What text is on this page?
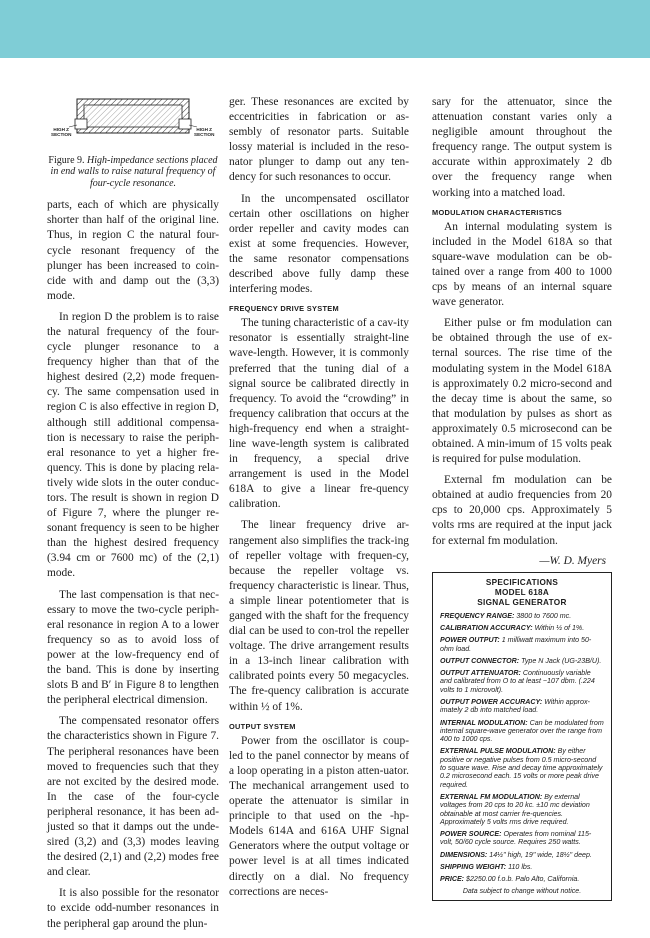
HIGH Z
SECTION
HIGH Z
SECTION
Figure 9. High-impedance sections placed in end walls to raise natural frequency of four-cycle resonance.

parts, each of which are physically shorter than half of the original line. Thus, in region C the natural four-cycle resonant frequency of the plunger has been increased to coin-cide with and damp out the (3,3) mode.

In region D the problem is to raise the natural frequency of the four-cycle plunger resonance to a frequency higher than that of the highest desired (2,2) mode frequen-cy. The same compensation used in region C is also effective in region D, although still additional compensa-tion is necessary to raise the periph-eral resonance to yet a higher fre-quency. This is done by placing rela-tively wide slots in the outer conduc-tors. The result is shown in region D of Figure 7, where the plunger re-sonant frequency is seen to be higher than the highest desired frequency (3.94 cm or 7600 mc) of the (2,1) mode.

The last compensation is that nec-essary to move the two-cycle periph-eral resonance in region A to a lower frequency so as to avoid loss of power at the low-frequency end of the band. This is done by inserting slots B and B′ in Figure 8 to lengthen the peripheral electrical dimension.

The compensated resonator offers the characteristics shown in Figure 7. The peripheral resonances have been moved to frequencies such that they are not excited by the desired mode. In the case of the four-cycle peripheral resonance, it has been ad-justed so that it damps out the unde-sired (3,2) and (3,3) modes leaving the desired (2,1) and (2,2) modes free and clear.

It is also possible for the resonator to excide odd-number resonances in the peripheral gap around the plun-

ger. These resonances are excited by eccentricities in fabrication or as-sembly of resonator parts. Suitable lossy material is included in the reso-nator plunger to damp out any ten-dency for such resonances to occur.

In the uncompensated oscillator certain other oscillations on higher order repeller and cavity modes can exist at some frequencies. However, the same resonator compensations described above fully damp these interfering modes.

FREQUENCY DRIVE SYSTEM

The tuning characteristic of a cav-ity resonator is essentially straight-line wave-length. However, it is commonly preferred that the tuning dial of a signal source be calibrated directly in frequency. To avoid the “crowding” in frequency calibration that occurs at the high-frequency end when a straight-line wave-length system is calibrated in frequency, a special drive arrangement is used in the Model 618A to give a linear fre-quency calibration.

The linear frequency drive ar-rangement also simplifies the track-ing of repeller voltage with frequen-cy, because the repeller voltage vs. frequency characteristic is linear. Thus, a simple linear potentiometer that is ganged with the shaft for the frequency dial can be used to con-trol the repeller voltage. The drive arrangement results in a 13-inch linear calibration with calibrated points every 50 megacycles. The fre-quency calibration is accurate within ½ of 1%.

OUTPUT SYSTEM

Power from the oscillator is coup-led to the panel connector by means of a loop operating in a piston atten-uator. The mechanical arrangement used to operate the attenuator is similar in principle to that used on the -hp- Models 614A and 616A UHF Signal Generators where the output voltage or power level is at all times indicated directly on a dial. No frequency corrections are neces-

sary for the attenuator, since the attenuation constant varies only a negligible amount throughout the frequency range. The output system is accurate within approximately 2 db over the frequency range when working into a matched load.

MODULATION CHARACTERISTICS

An internal modulating system is included in the Model 618A so that square-wave modulation can be ob-tained over a range from 400 to 1000 cps by means of an internal square wave generator.

Either pulse or fm modulation can be obtained through the use of ex-ternal sources. The rise time of the modulating system in the Model 618A is approximately 0.2 micro-second and the decay time is about the same, so that modulation by pulses as short as approximately 0.5 microsecond can be obtained. A min-imum of 15 volts peak is required for pulse modulation.

External fm modulation can be obtained at audio frequencies from 20 cps to 20,000 cps. Approximately 5 volts rms are required at the input jack for external fm modulation.

—W. D. Myers
SPECIFICATIONS
MODEL 618A
SIGNAL GENERATOR
FREQUENCY RANGE: 3800 to 7600 mc.
CALIBRATION ACCURACY: Within ½ of 1%.
POWER OUTPUT: 1 milliwatt maximum into 50-ohm load.
OUTPUT CONNECTOR: Type N Jack (UG-23B/U).
OUTPUT ATTENUATOR: Continuously variable and calibrated from O to at least −107 dbm. (.224 volts to 1 microvolt).
OUTPUT POWER ACCURACY: Within approx-imately 2 db into matched load.
INTERNAL MODULATION: Can be modulated from internal square-wave generator over the range from 400 to 1000 cps.
EXTERNAL PULSE MODULATION: By either positive or negative pulses from 0.5 micro-second to square wave. Rise and decay time approximately 0.2 microsecond each. 15 volts or more peak drive required.
EXTERNAL FM MODULATION: By external voltages from 20 cps to 20 kc. ±10 mc deviation obtainable at most carrier fre-quencies. Approximately 5 volts rms drive required.
POWER SOURCE: Operates from nominal 115-volt, 50/60 cycle source. Requires 250 watts.
DIMENSIONS: 14½" high, 19" wide, 18½" deep.
SHIPPING WEIGHT: 110 lbs.
PRICE: $2250.00 f.o.b. Palo Alto, California.
Data subject to change without notice.
